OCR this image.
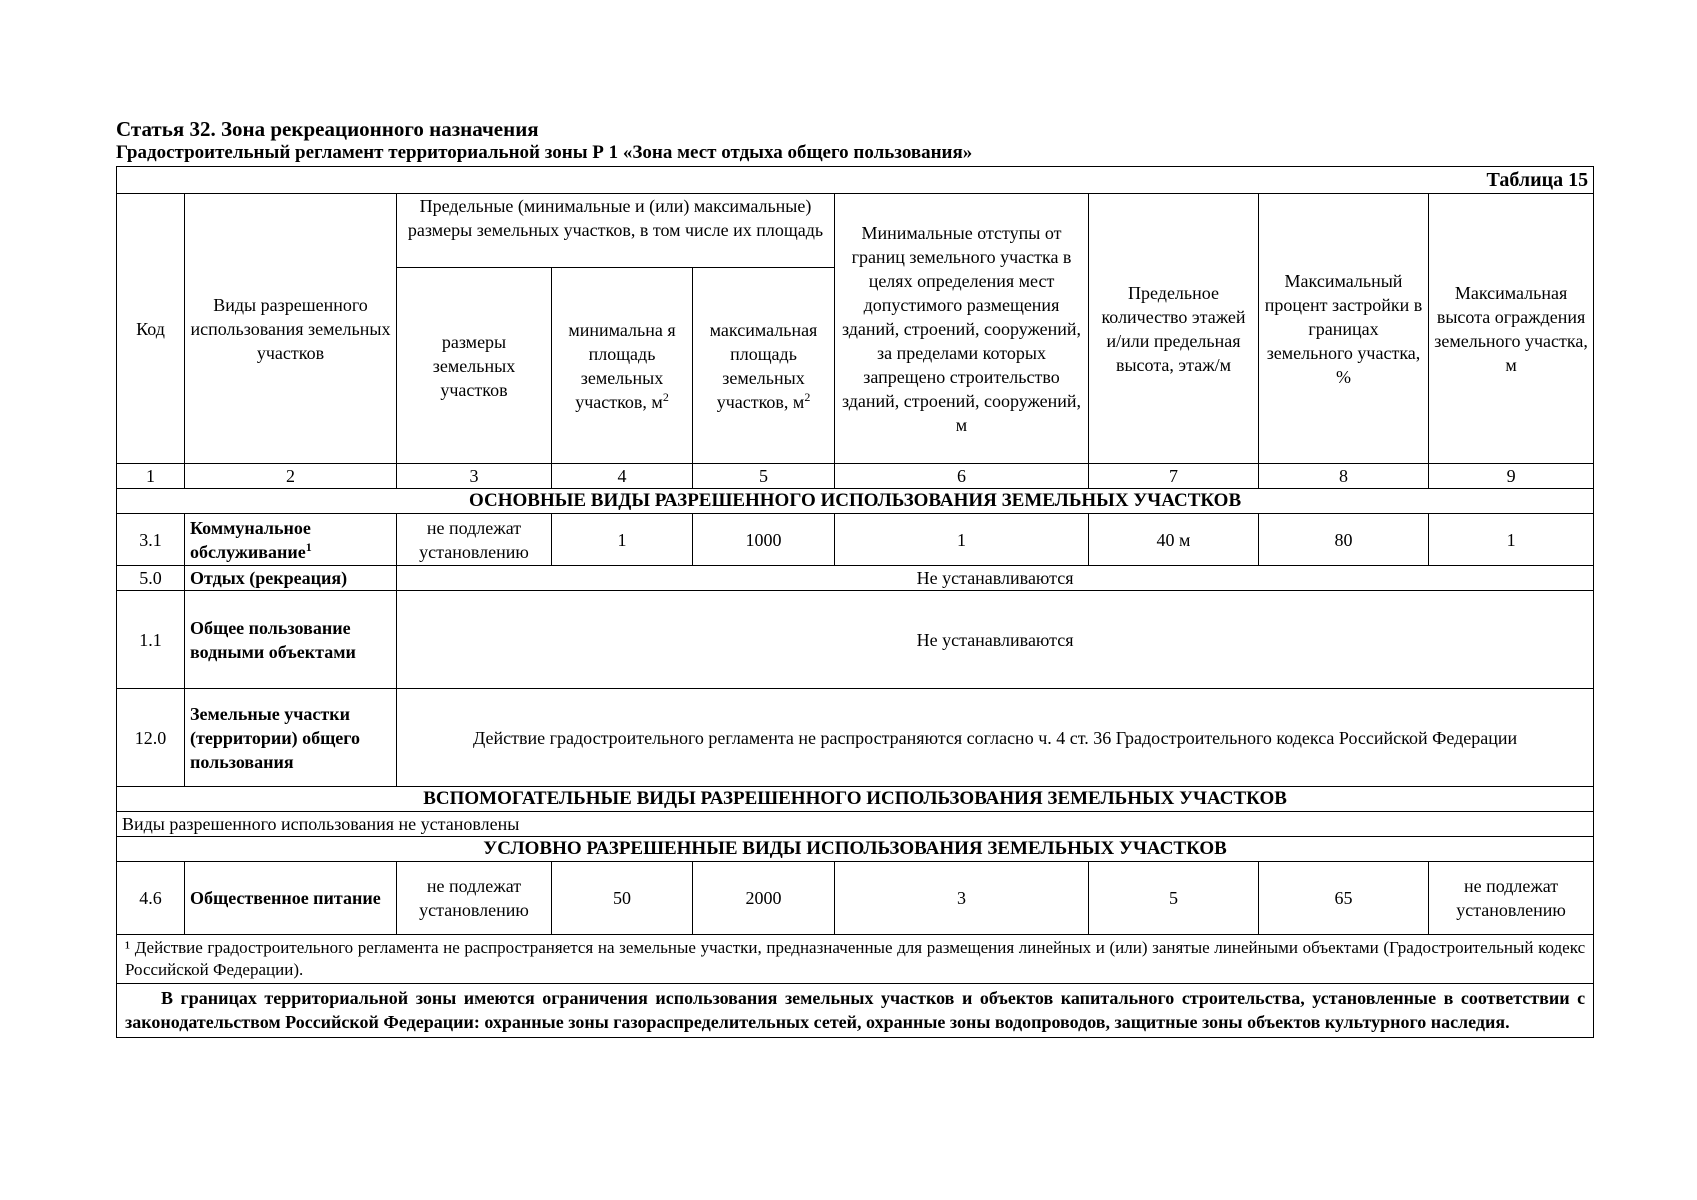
Статья 32. Зона рекреационного назначения

Градостроительный регламент территориальной зоны Р 1 «Зона мест отдыха общего пользования»

Таблица 15								
Код	Виды разрешенного использования земельных участков	Предельные (минимальные и (или) максимальные) размеры земельных участков, в том числе их площадь			Минимальные отступы от границ земельного участка в целях определения мест допустимого размещения зданий, строений, сооружений, за пределами которых запрещено строительство зданий, строений, сооружений, м	Предельное количество этажей и/или предельная высота, этаж/м	Максимальный процент застройки в границах земельного участка, %	Максимальная высота ограждения земельного участка, м
		размеры земельных участков	минимальна я площадь земельных участков, $м^2$	максимальная площадь земельных участков, $м^2$
1	2	3	4	5	6	7	8	9
ОСНОВНЫЕ ВИДЫ РАЗРЕШЕННОГО ИСПОЛЬЗОВАНИЯ ЗЕМЕЛЬНЫХ УЧАСТКОВ								
3.1	Коммунальное обслуживание$^1$	не подлежат установлению	1	1000	1	40 м	80	1
5.0	Отдых (рекреация)	Не устанавливаются						
1.1	Общее пользование водными объектами	Не устанавливаются						
12.0	Земельные участки (территории) общего пользования	Действие градостроительного регламента не распространяются согласно ч. 4 ст. 36 Градостроительного кодекса Российской Федерации						
ВСПОМОГАТЕЛЬНЫЕ ВИДЫ РАЗРЕШЕННОГО ИСПОЛЬЗОВАНИЯ ЗЕМЕЛЬНЫХ УЧАСТКОВ								
Виды разрешенного использования не установлены								
УСЛОВНО РАЗРЕШЕННЫЕ ВИДЫ ИСПОЛЬЗОВАНИЯ ЗЕМЕЛЬНЫХ УЧАСТКОВ								
4.6	Общественное питание	не подлежат установлению	50	2000	3	5	65	не подлежат установлению
¹ Действие градостроительного регламента не распространяется на земельные участки, предназначенные для размещения линейных и (или) занятые линейными объектами (Градостроительный кодекс Российской Федерации).								
В границах территориальной зоны имеются ограничения использования земельных участков и объектов капитального строительства, установленные в соответствии с законодательством Российской Федерации: охранные зоны газораспределительных сетей, охранные зоны водопроводов, защитные зоны объектов культурного наследия.								
